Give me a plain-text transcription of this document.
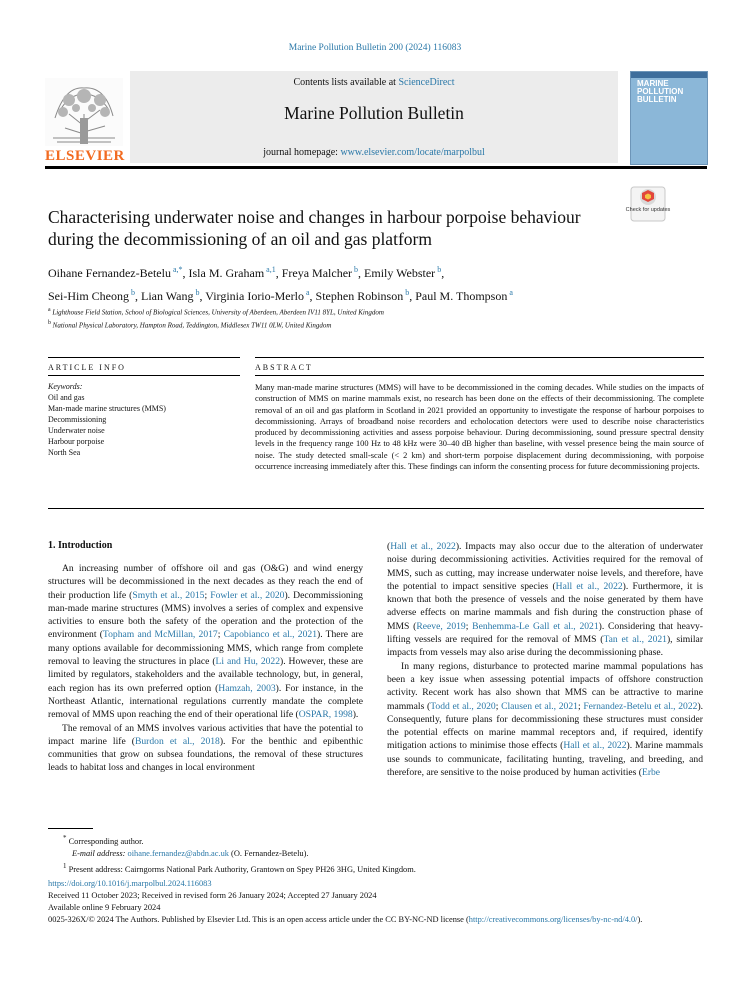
Marine Pollution Bulletin 200 (2024) 116083
ELSEVIER
Contents lists available at ScienceDirect
Marine Pollution Bulletin
journal homepage: www.elsevier.com/locate/marpolbul
MARINE POLLUTION BULLETIN
Check for updates
Characterising underwater noise and changes in harbour porpoise behaviour during the decommissioning of an oil and gas platform
Oihane Fernandez-Betelu $^{a,*}$, Isla M. Graham $^{a,1}$, Freya Malcher $^b$, Emily Webster $^b$,
Sei-Him Cheong $^b$, Lian Wang $^b$, Virginia Iorio-Merlo $^a$, Stephen Robinson $^b$, Paul M. Thompson $^a$
$^a$ Lighthouse Field Station, School of Biological Sciences, University of Aberdeen, Aberdeen IV11 8YL, United Kingdom
$^b$ National Physical Laboratory, Hampton Road, Teddington, Middlesex TW11 0LW, United Kingdom
ARTICLE INFO	ABSTRACT
Keywords:
Oil and gas
Man-made marine structures (MMS)
Decommissioning
Underwater noise
Harbour porpoise
North Sea
Many man-made marine structures (MMS) will have to be decommissioned in the coming decades. While studies on the impacts of construction of MMS on marine mammals exist, no research has been done on the effects of their decommissioning. The complete removal of an oil and gas platform in Scotland in 2021 provided an opportunity to investigate the response of harbour porpoises to decommissioning. Arrays of broadband noise recorders and echolocation detectors were used to describe noise characteristics produced by decommissioning activities and assess porpoise behaviour. During decommissioning, sound pressure spectral density levels in the frequency range 100 Hz to 48 kHz were 30–40 dB higher than baseline, with vessel presence being the main source of noise. The study detected small-scale (< 2 km) and short-term porpoise displacement during decommissioning, with porpoise occurrence increasing immediately after this. These findings can inform the consenting process for future decommissioning projects.
1. Introduction

An increasing number of offshore oil and gas (O&G) and wind energy structures will be decommissioned in the next decades as they reach the end of their production life (Smyth et al., 2015; Fowler et al., 2020). Decommissioning man-made marine structures (MMS) involves a series of complex and expensive activities to ensure both the safety of the operation and the protection of the environment (Topham and McMillan, 2017; Capobianco et al., 2021). There are many options available for decommissioning MMS, which range from complete removal to leaving the structures in place (Li and Hu, 2022). However, these are limited by regulators, stakeholders and the available technology, but, in general, each region has its own preferred option (Hamzah, 2003). For instance, in the Northeast Atlantic, international regulations currently mandate the complete removal of MMS upon reaching the end of their operational life (OSPAR, 1998).

The removal of an MMS involves various activities that have the potential to impact marine life (Burdon et al., 2018). For the benthic and epibenthic communities that grow on subsea foundations, the removal of these structures leads to habitat loss and changes in local environment

(Hall et al., 2022). Impacts may also occur due to the alteration of underwater noise during decommissioning activities. Activities required for the removal of MMS, such as cutting, may increase underwater noise levels, and therefore, have the potential to impact sensitive species (Hall et al., 2022). Furthermore, it is known that both the presence of vessels and the noise generated by them have adverse effects on marine mammals and fish during the construction phase of MMS (Reeve, 2019; Benhemma-Le Gall et al., 2021). Considering that heavy-lifting vessels are required for the removal of MMS (Tan et al., 2021), similar impacts from vessels may also arise during the decommissioning phase.

In many regions, disturbance to protected marine mammal populations has been a key issue when assessing potential impacts of offshore construction activity. Recent work has also shown that MMS can be attractive to marine mammals (Todd et al., 2020; Clausen et al., 2021; Fernandez-Betelu et al., 2022). Consequently, future plans for decommissioning these structures must consider the potential effects on marine mammal receptors and, if required, identify mitigation actions to minimise those effects (Hall et al., 2022). Marine mammals use sounds to communicate, facilitating hunting, traveling, and breeding, and therefore, are sensitive to the noise produced by human activities (Erbe

* Corresponding author.
E-mail address: oihane.fernandez@abdn.ac.uk (O. Fernandez-Betelu).
$^1$ Present address: Cairngorms National Park Authority, Grantown on Spey PH26 3HG, United Kingdom.
https://doi.org/10.1016/j.marpolbul.2024.116083
Received 11 October 2023; Received in revised form 26 January 2024; Accepted 27 January 2024
Available online 9 February 2024
0025-326X/© 2024 The Authors. Published by Elsevier Ltd. This is an open access article under the CC BY-NC-ND license (http://creativecommons.org/licenses/by-nc-nd/4.0/).
